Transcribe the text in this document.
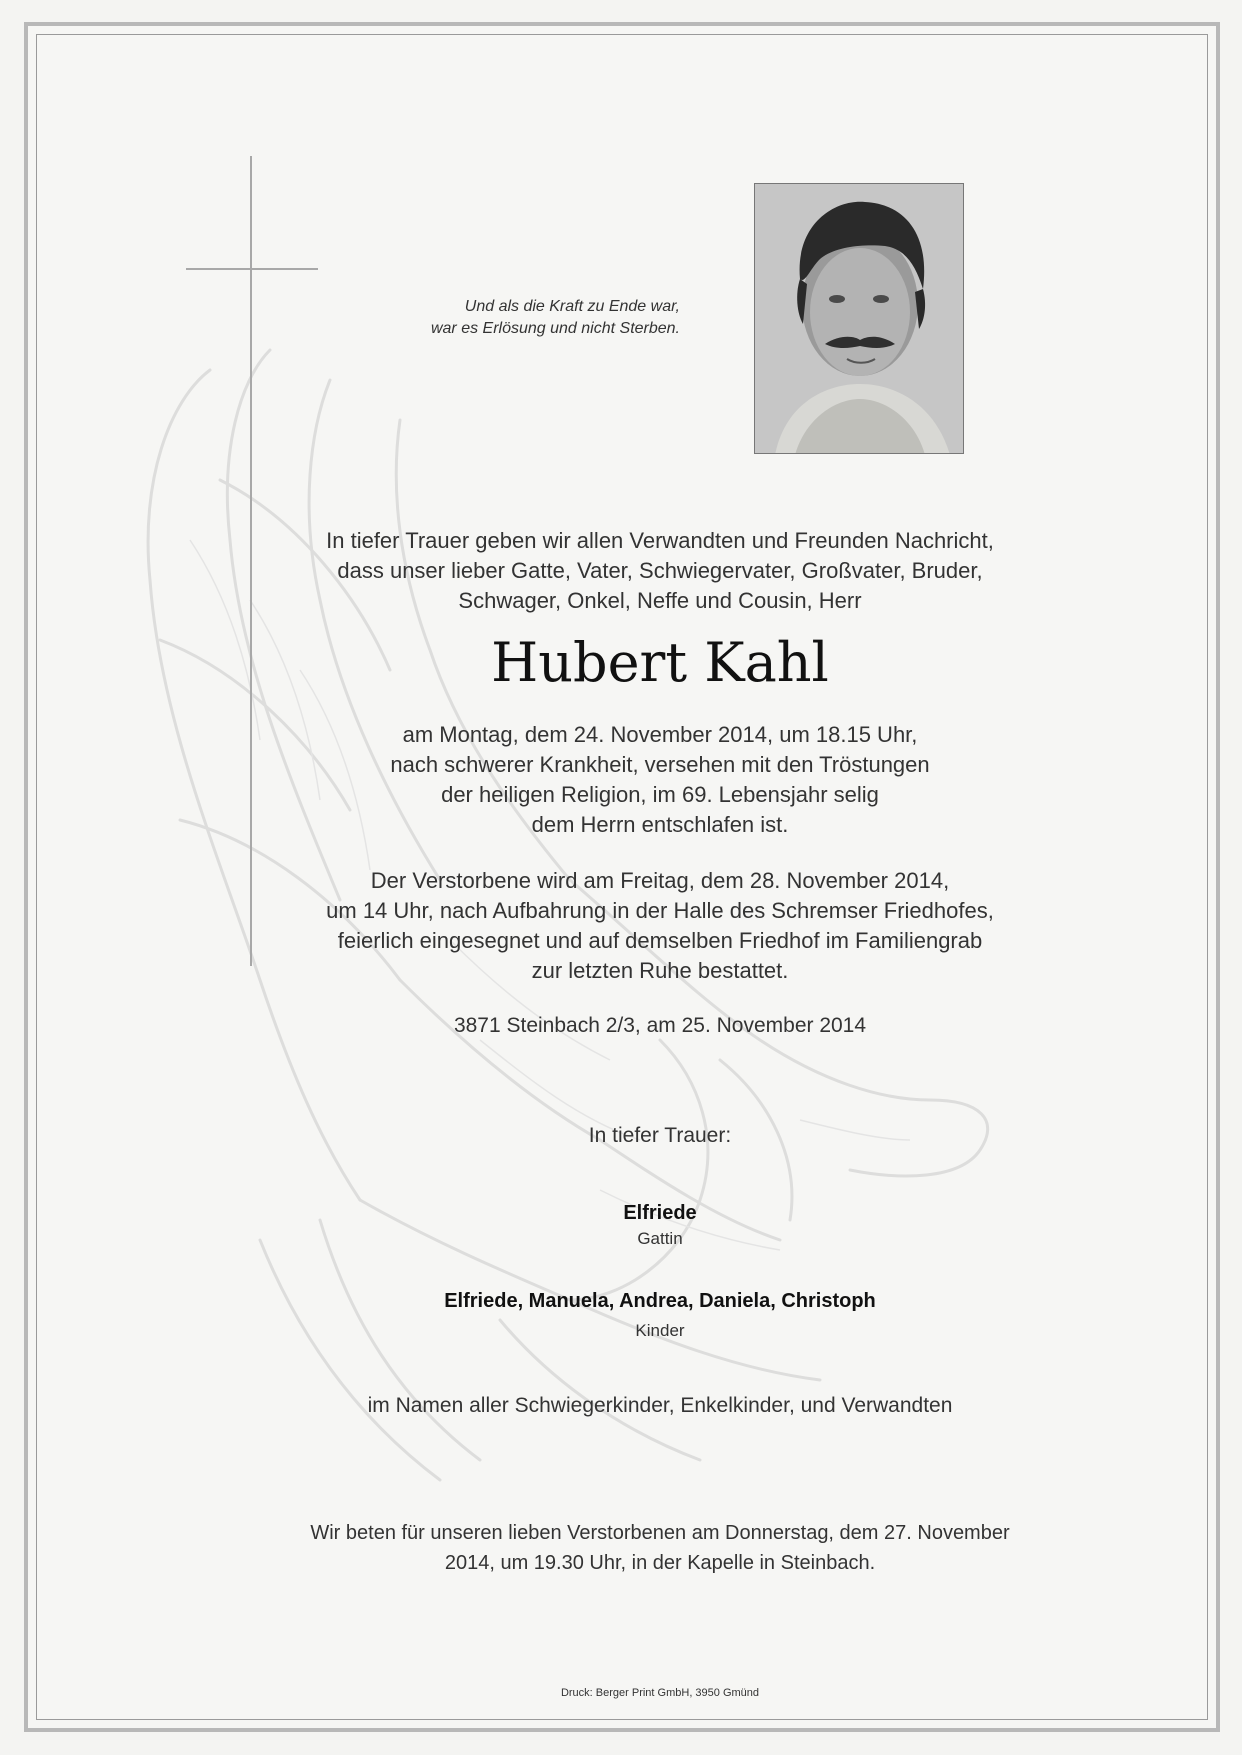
Und als die Kraft zu Ende war,
war es Erlösung und nicht Sterben.
In tiefer Trauer geben wir allen Verwandten und Freunden Nachricht,
dass unser lieber Gatte, Vater, Schwiegervater, Großvater, Bruder,
Schwager, Onkel, Neffe und Cousin, Herr
Hubert Kahl
am Montag, dem 24. November 2014, um 18.15 Uhr,
nach schwerer Krankheit, versehen mit den Tröstungen
der heiligen Religion, im 69. Lebensjahr selig
dem Herrn entschlafen ist.
Der Verstorbene wird am Freitag, dem 28. November 2014,
um 14 Uhr, nach Aufbahrung in der Halle des Schremser Friedhofes,
feierlich eingesegnet und auf demselben Friedhof im Familiengrab
zur letzten Ruhe bestattet.
3871 Steinbach 2/3, am 25. November 2014
In tiefer Trauer:
Elfriede
Gattin
Elfriede, Manuela, Andrea, Daniela, Christoph
Kinder
im Namen aller Schwiegerkinder, Enkelkinder, und Verwandten
Wir beten für unseren lieben Verstorbenen am Donnerstag, dem 27. November
2014, um 19.30 Uhr, in der Kapelle in Steinbach.
Druck: Berger Print GmbH, 3950 Gmünd
